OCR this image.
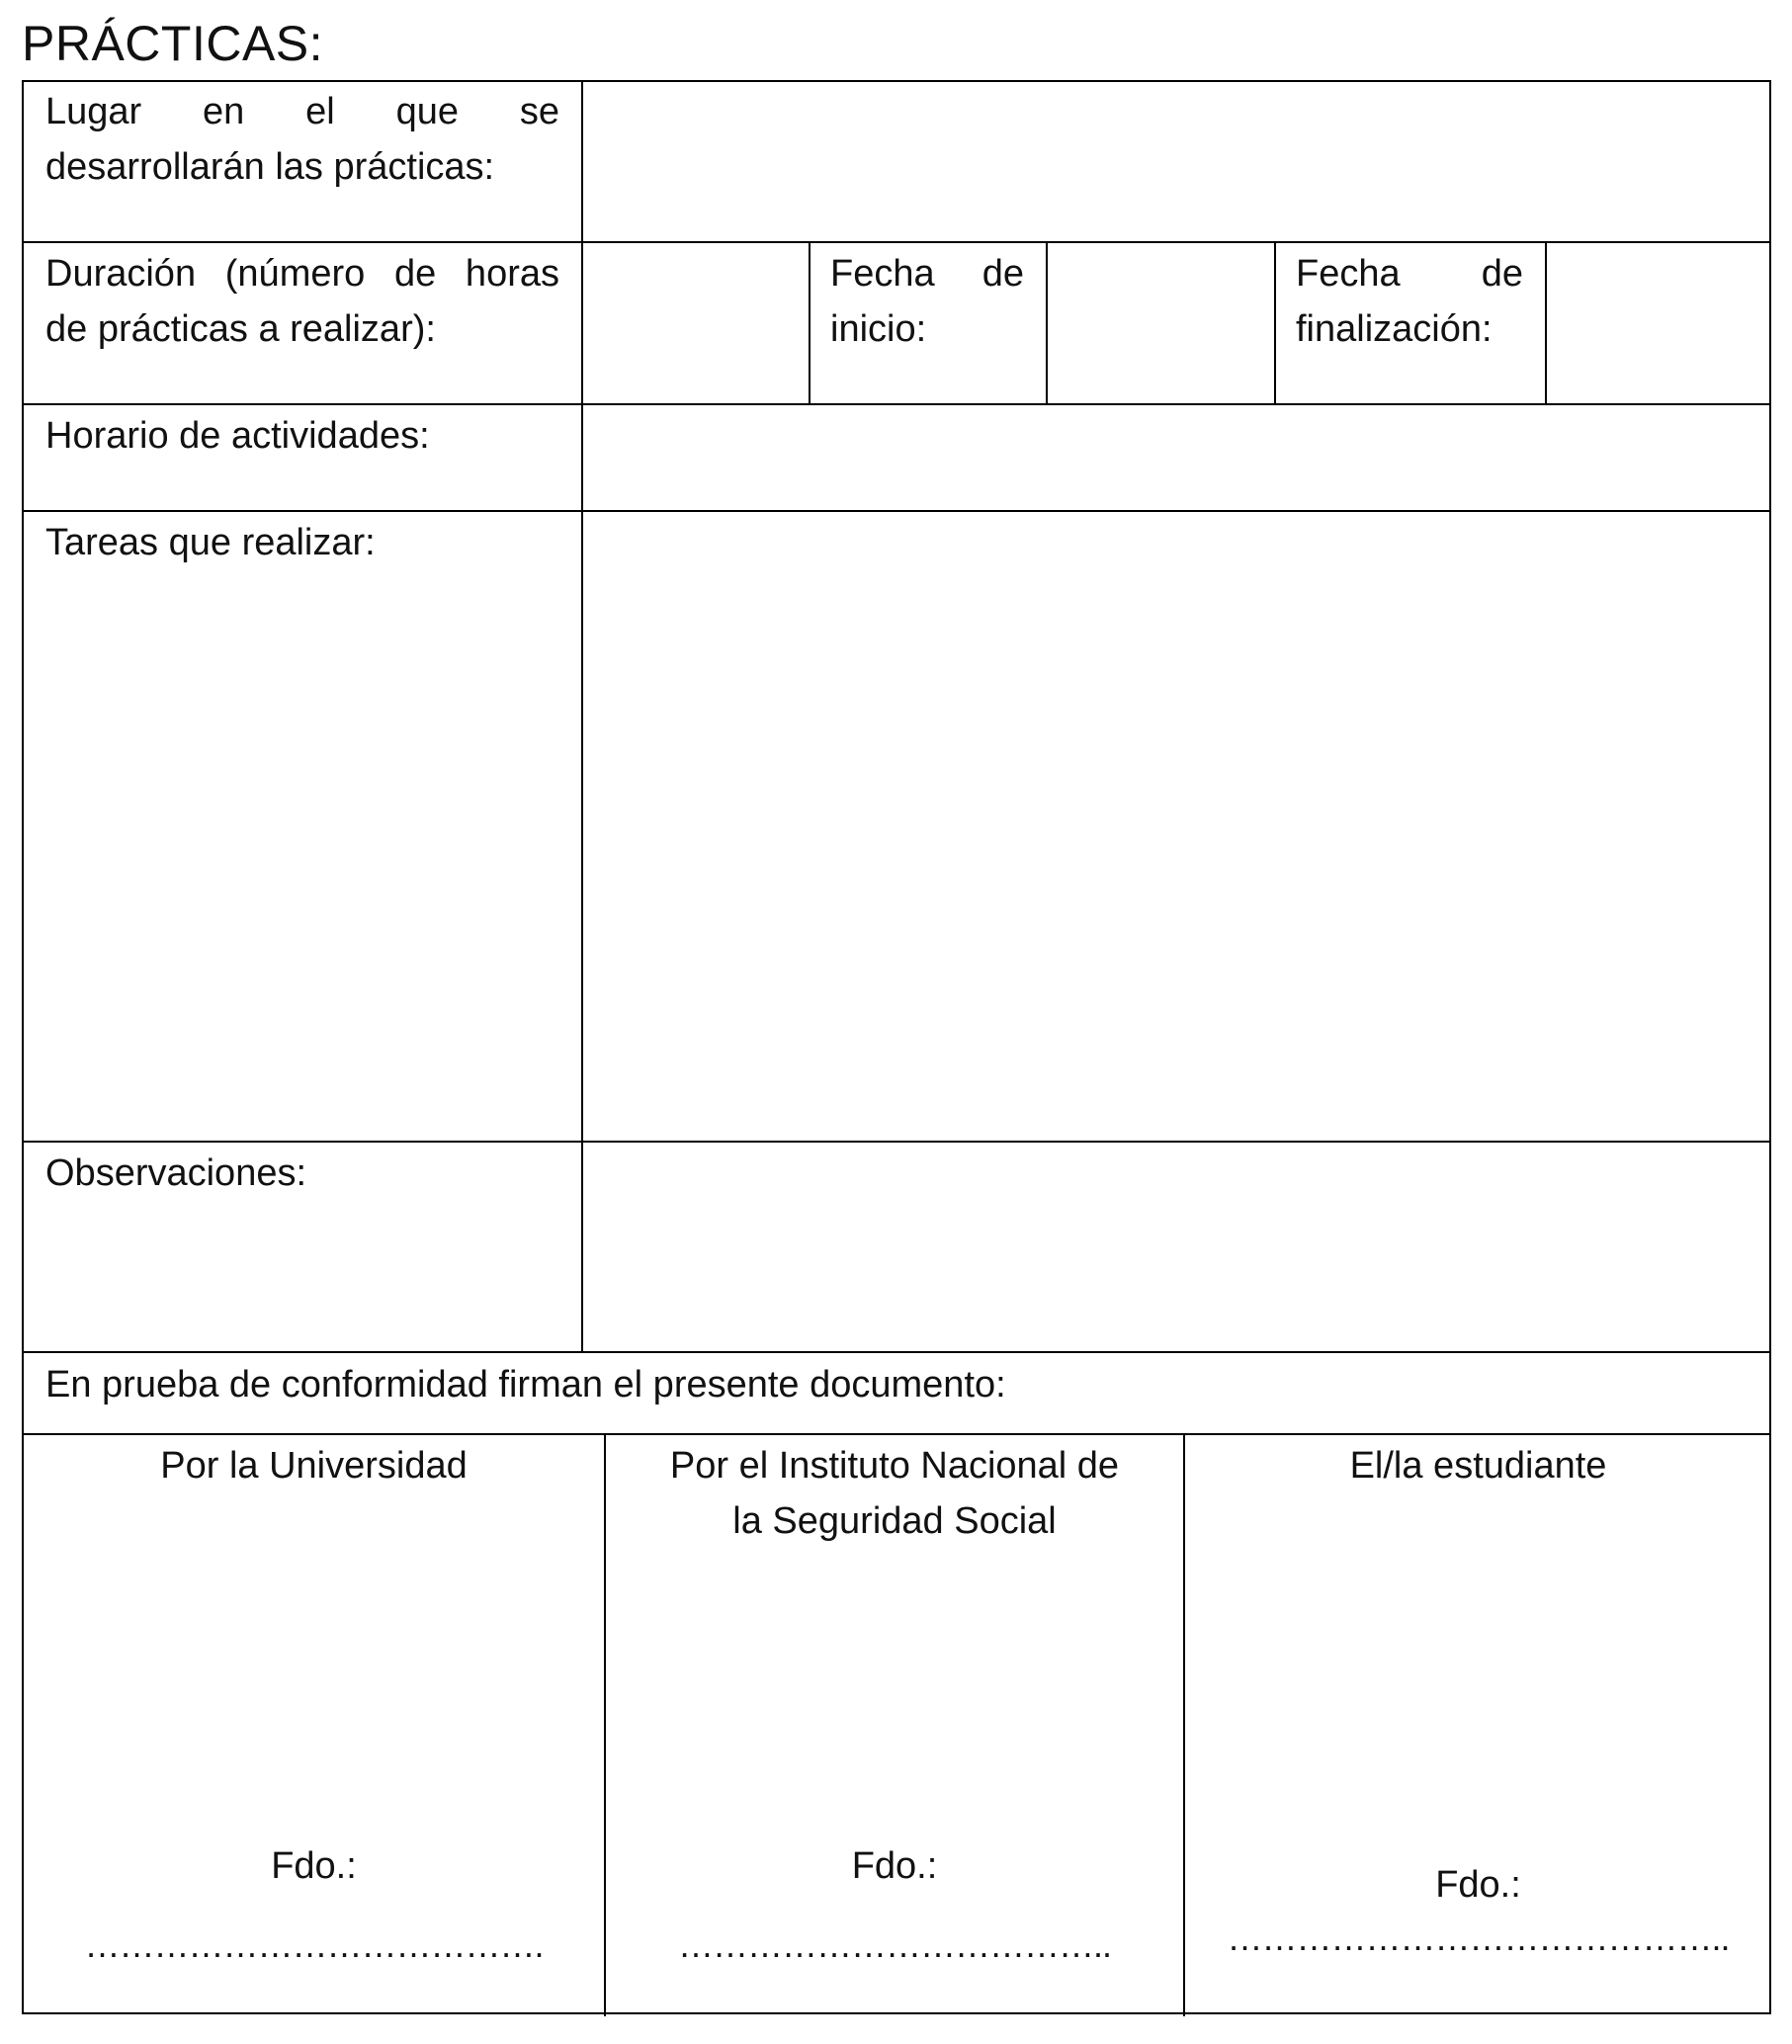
PRÁCTICAS:
Lugar en el que se
desarrollarán las prácticas:
Duración (número de horas
de prácticas a realizar):
Fecha de
inicio:
Fecha de
finalización:
Horario de actividades:
Tareas que realizar:
Observaciones:
En prueba de conformidad firman el presente documento:
Por la Universidad
Fdo.:
………………………………….
Por el Instituto Nacional de
la Seguridad Social
Fdo.:
………………………………..
El/la estudiante
Fdo.:
……………………………………..
